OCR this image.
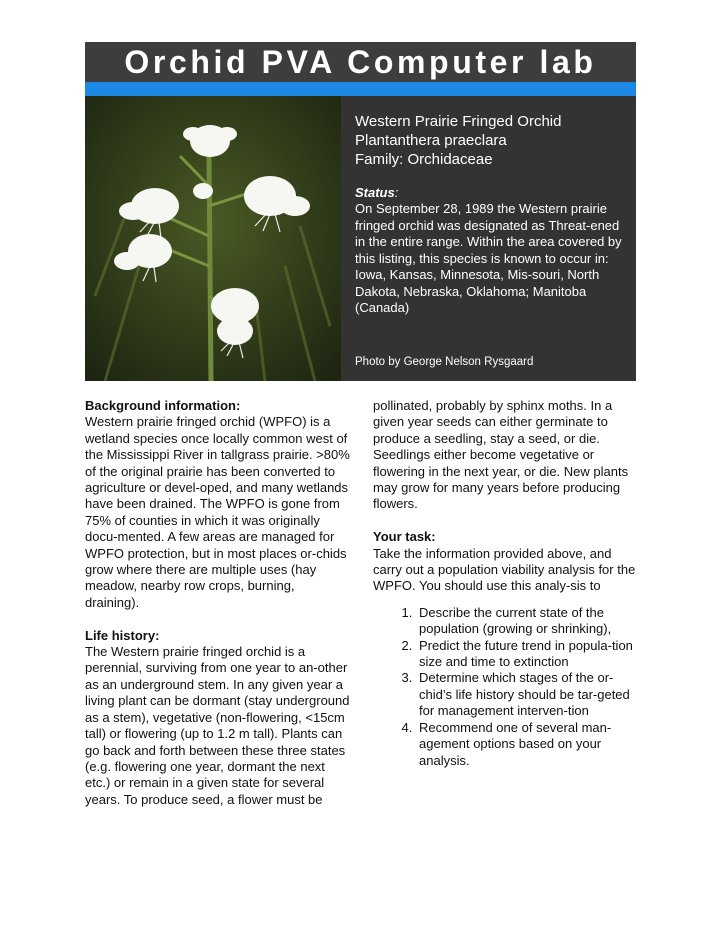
Orchid PVA Computer lab

Western Prairie Fringed Orchid

Plantanthera praeclara

Family: Orchidaceae

Status:

On September 28, 1989 the Western prairie fringed orchid was designated as Threat-ened in the entire range. Within the area covered by this listing, this species is known to occur in: Iowa, Kansas, Minnesota, Mis-souri, North Dakota, Nebraska, Oklahoma; Manitoba (Canada)

Photo by George Nelson Rysgaard
Background information:
Western prairie fringed orchid (WPFO) is a wetland species once locally common west of the Mississippi River in tallgrass prairie. >80% of the original prairie has been converted to agriculture or devel-oped, and many wetlands have been drained. The WPFO is gone from 75% of counties in which it was originally docu-mented. A few areas are managed for WPFO protection, but in most places or-chids grow where there are multiple uses (hay meadow, nearby row crops, burning, draining).
Life history:
The Western prairie fringed orchid is a perennial, surviving from one year to an-other as an underground stem. In any given year a living plant can be dormant (stay underground as a stem), vegetative (non-flowering, <15cm tall) or flowering (up to 1.2 m tall). Plants can go back and forth between these three states (e.g. flowering one year, dormant the next etc.) or remain in a given state for several years. To produce seed, a flower must be
pollinated, probably by sphinx moths. In a given year seeds can either germinate to produce a seedling, stay a seed, or die. Seedlings either become vegetative or flowering in the next year, or die. New plants may grow for many years before producing flowers.
Your task:
Take the information provided above, and carry out a population viability analysis for the WPFO. You should use this analy-sis to
1. Describe the current state of the population (growing or shrinking),
2. Predict the future trend in popula-tion size and time to extinction
3. Determine which stages of the or-chid’s life history should be tar-geted for management interven-tion
4. Recommend one of several man-agement options based on your analysis.
